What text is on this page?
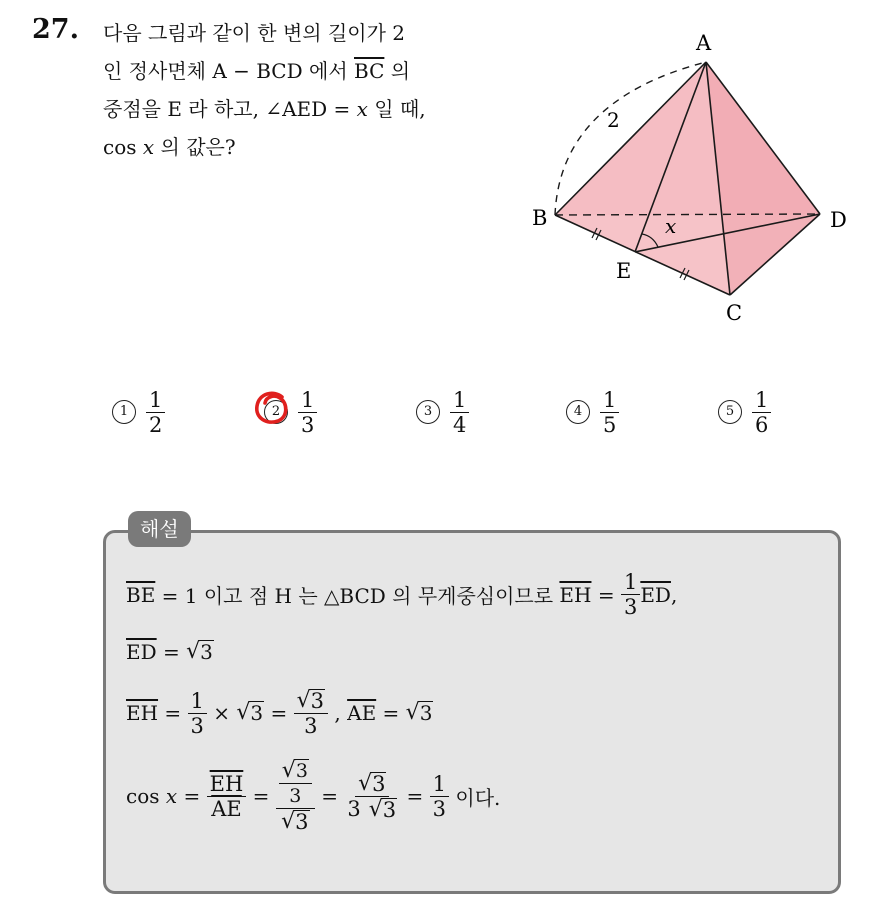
27. 다음 그림과 같이 한 변의 길이가 2
인 정사면체 A − BCD 에서 $\overline{BC}$ 의
중점을 E 라 하고, ∠AED = x 일 때,
cos x 의 값은?
A
B
C
D
E
x
2
$1 \frac{1}{2}$	$2 \frac{1}{3}$	$3 \frac{1}{4}$	$4 \frac{1}{5}$	$5 \frac{1}{6}$
해설
$\overline{BE} = 1$ 이고 점 H 는 △BCD 의 무게중심이므로 $\overline{EH} = \frac{1}{3} \overline{ED}$ ,
$\overline{ED}$ = √ 3
$\overline{EH} = \frac{1}{3}$ × √ $3 = \frac{√ 3}{3}$ , $\overline{AE}$ = √ 3
$\cos x = \frac{\overline{EH}}{AE} = \frac{\frac{√ 3}{3}}{√ 3} = \frac{√ 3}{3 √ 3} = \frac{1}{3}$ 이다.
